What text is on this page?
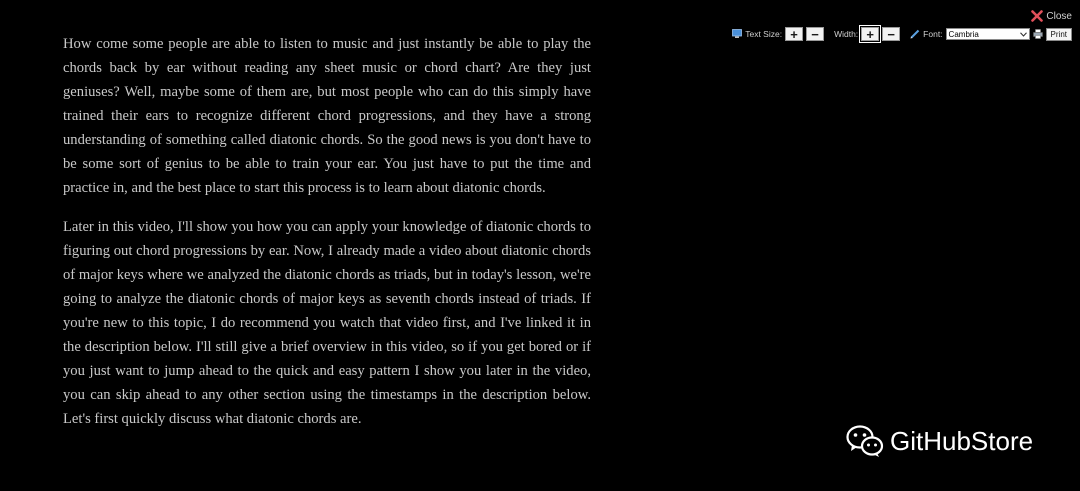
Close
Text Size: +	−	Width: +	−	Font: Cambria	Print

How come some people are able to listen to music and just instantly be able to play the chords back by ear without reading any sheet music or chord chart? Are they just geniuses? Well, maybe some of them are, but most people who can do this simply have trained their ears to recognize different chord progressions, and they have a strong understanding of something called diatonic chords. So the good news is you don't have to be some sort of genius to be able to train your ear. You just have to put the time and practice in, and the best place to start this process is to learn about diatonic chords.

Later in this video, I'll show you how you can apply your knowledge of diatonic chords to figuring out chord progressions by ear. Now, I already made a video about diatonic chords of major keys where we analyzed the diatonic chords as triads, but in today's lesson, we're going to analyze the diatonic chords of major keys as seventh chords instead of triads. If you're new to this topic, I do recommend you watch that video first, and I've linked it in the description below. I'll still give a brief overview in this video, so if you get bored or if you just want to jump ahead to the quick and easy pattern I show you later in the video, you can skip ahead to any other section using the timestamps in the description below. Let's first quickly discuss what diatonic chords are.

GitHubStore
